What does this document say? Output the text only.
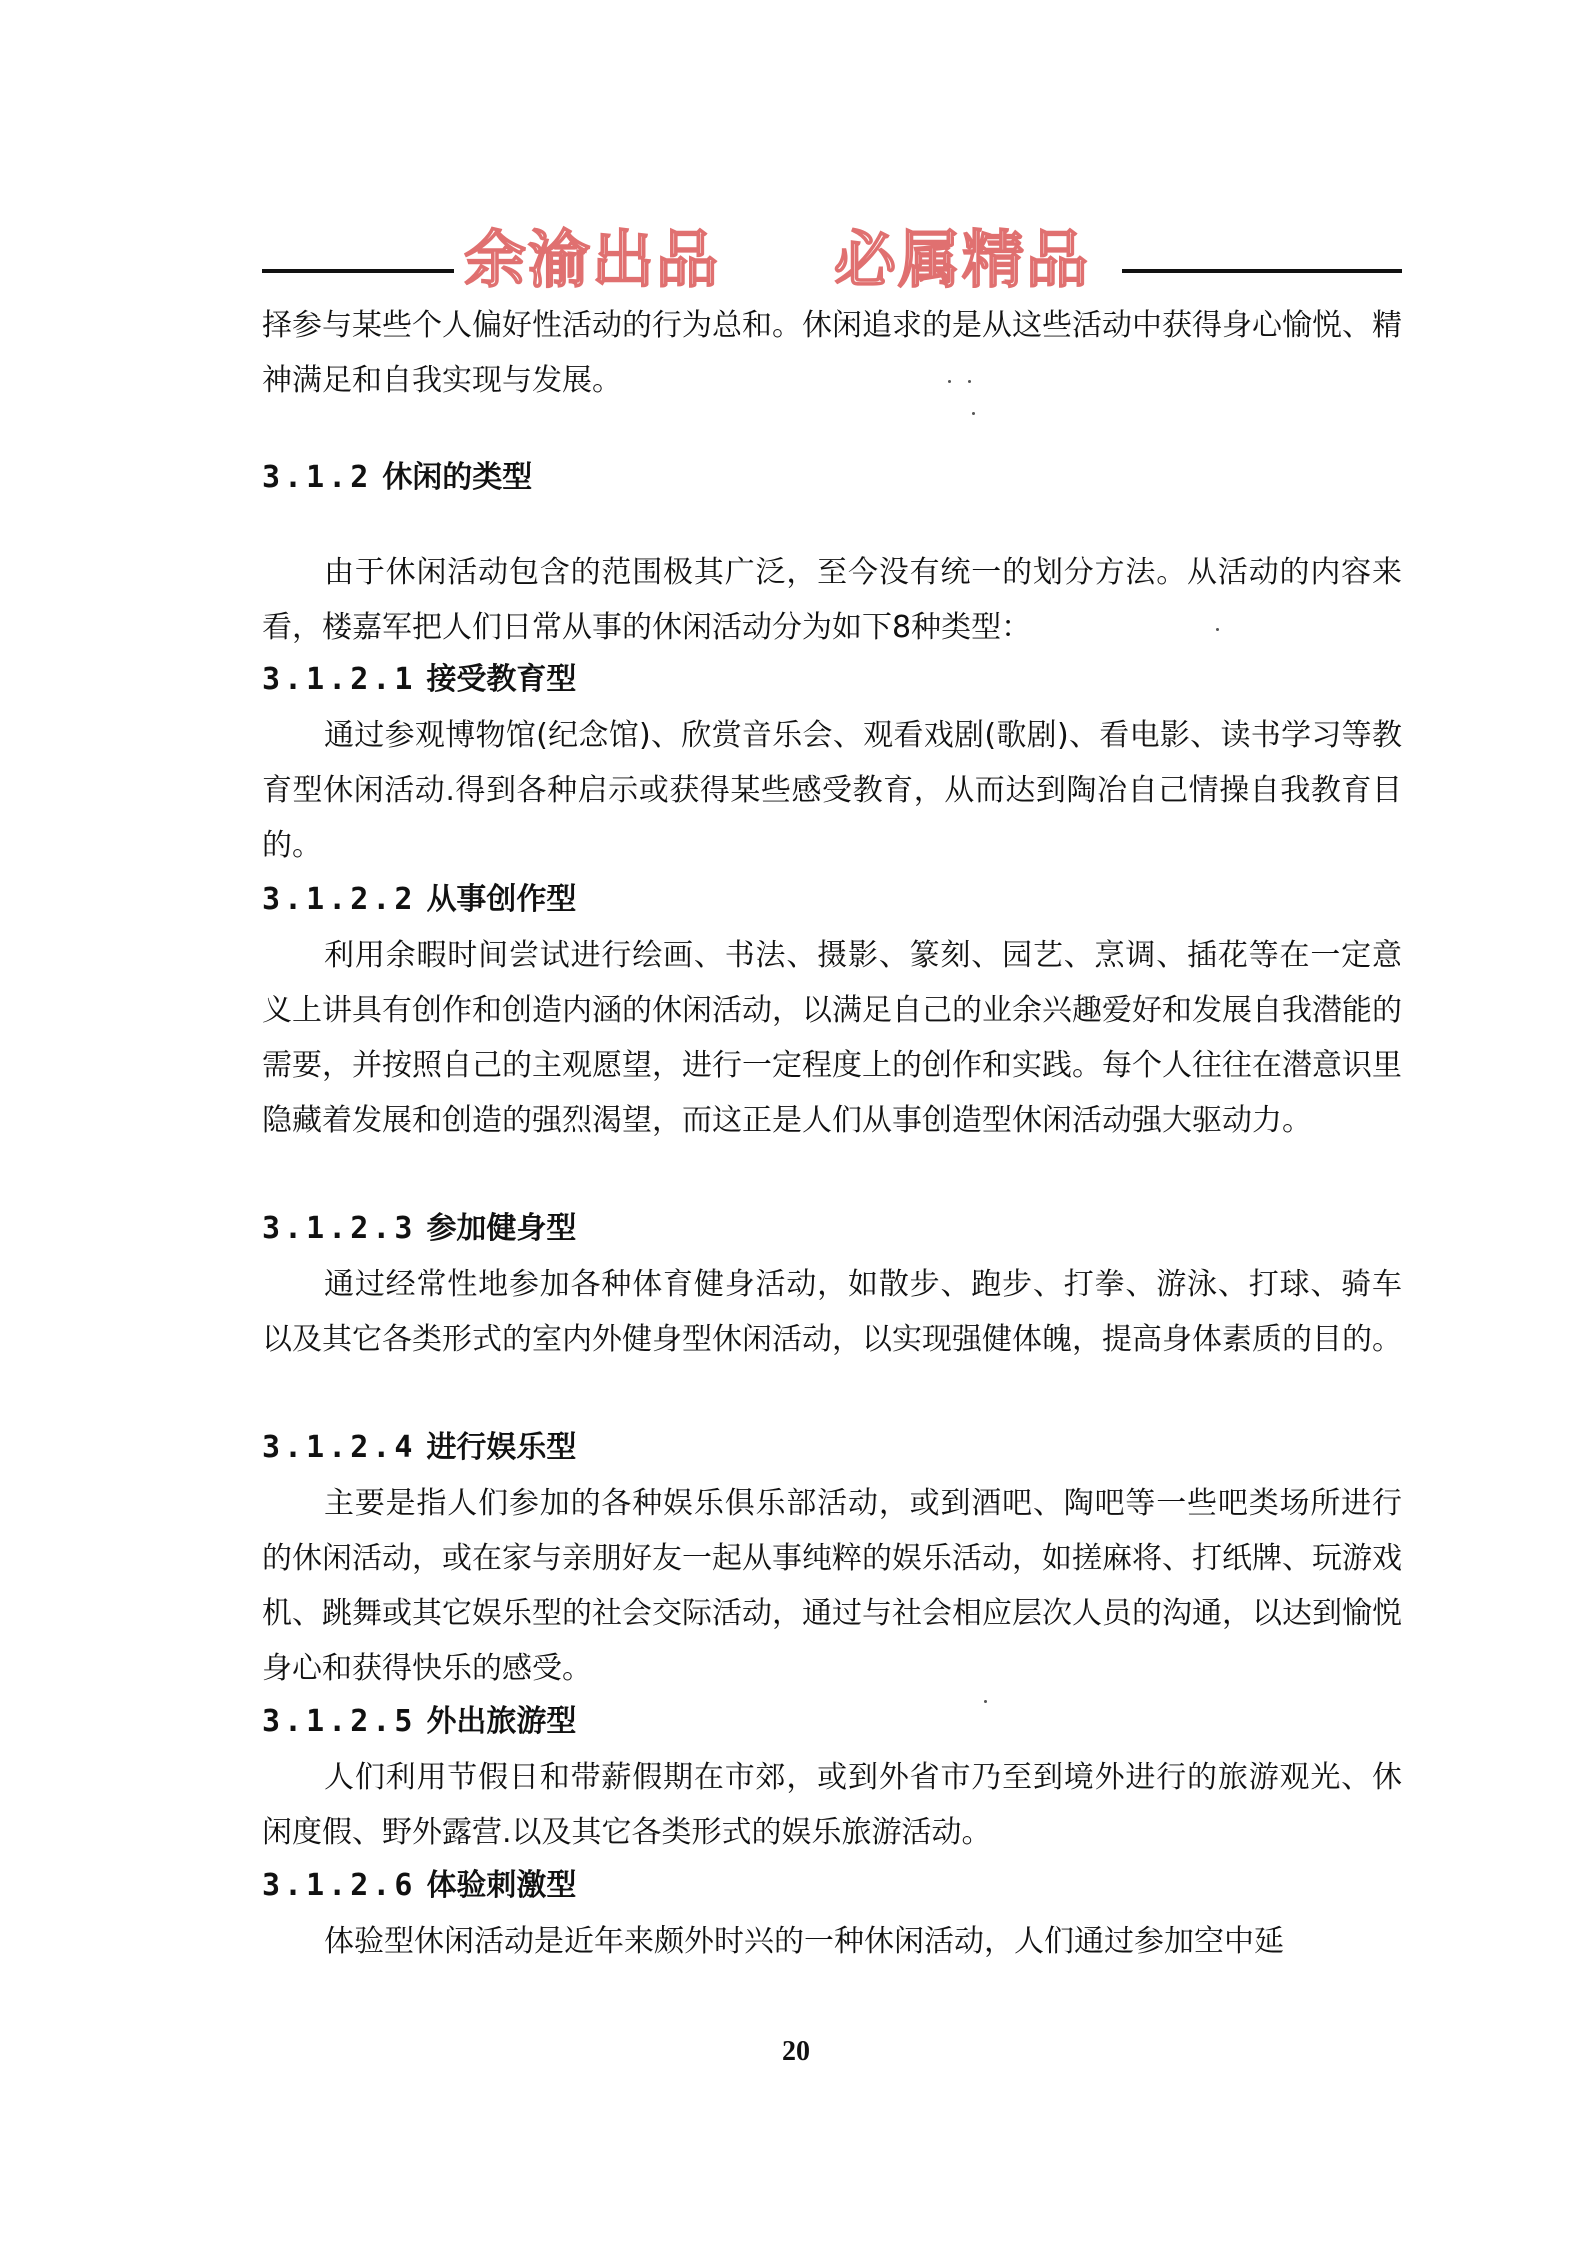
余渝出品 必属精品
择参与某些个人偏好性活动的行为总和。休闲追求的是从这些活动中获得身心愉悦、精神满足和自我实现与发展。
3.1.2 休闲的类型
由于休闲活动包含的范围极其广泛，至今没有统一的划分方法。从活动的内容来看，楼嘉军把人们日常从事的休闲活动分为如下8种类型：
3.1.2.1 接受教育型
通过参观博物馆(纪念馆)、欣赏音乐会、观看戏剧(歌剧)、看电影、读书学习等教育型休闲活动.得到各种启示或获得某些感受教育，从而达到陶冶自己情操自我教育目的。
3.1.2.2 从事创作型
利用余暇时间尝试进行绘画、书法、摄影、篆刻、园艺、烹调、插花等在一定意义上讲具有创作和创造内涵的休闲活动，以满足自己的业余兴趣爱好和发展自我潜能的需要，并按照自己的主观愿望，进行一定程度上的创作和实践。每个人往往在潜意识里隐藏着发展和创造的强烈渴望，而这正是人们从事创造型休闲活动强大驱动力。
3.1.2.3 参加健身型
通过经常性地参加各种体育健身活动，如散步、跑步、打拳、游泳、打球、骑车以及其它各类形式的室内外健身型休闲活动，以实现强健体魄，提高身体素质的目的。
3.1.2.4 进行娱乐型
主要是指人们参加的各种娱乐俱乐部活动，或到酒吧、陶吧等一些吧类场所进行的休闲活动，或在家与亲朋好友一起从事纯粹的娱乐活动，如搓麻将、打纸牌、玩游戏机、跳舞或其它娱乐型的社会交际活动，通过与社会相应层次人员的沟通，以达到愉悦身心和获得快乐的感受。
3.1.2.5 外出旅游型
人们利用节假日和带薪假期在市郊，或到外省市乃至到境外进行的旅游观光、休闲度假、野外露营.以及其它各类形式的娱乐旅游活动。
3.1.2.6 体验刺激型
体验型休闲活动是近年来颇外时兴的一种休闲活动，人们通过参加空中延
20
